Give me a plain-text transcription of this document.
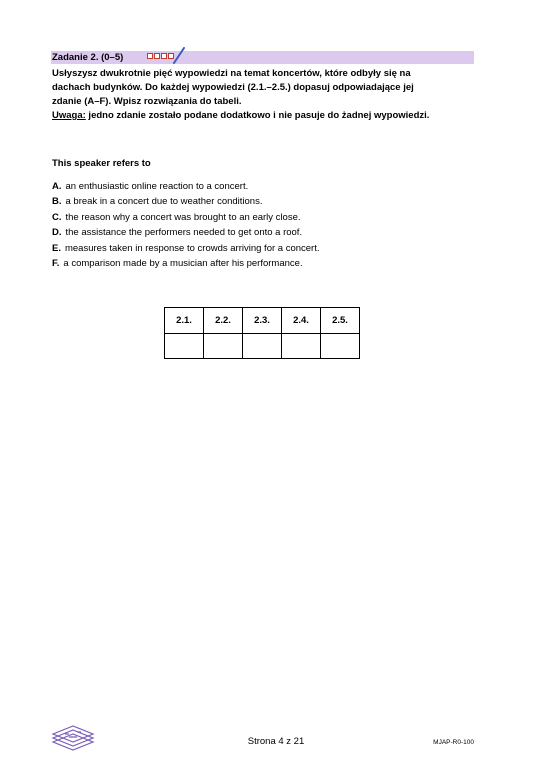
Zadanie 2. (0–5)

Usłyszysz dwukrotnie pięć wypowiedzi na temat koncertów, które odbyły się na

dachach budynków. Do każdej wypowiedzi (2.1.–2.5.) dopasuj odpowiadające jej

zdanie (A–F). Wpisz rozwiązania do tabeli.

Uwaga: jedno zdanie zostało podane dodatkowo i nie pasuje do żadnej wypowiedzi.

This speaker refers to
A. an enthusiastic online reaction to a concert.
B. a break in a concert due to weather conditions.
C. the reason why a concert was brought to an early close.
D. the assistance the performers needed to get onto a roof.
E. measures taken in response to crowds arriving for a concert.
F. a comparison made by a musician after his performance.
2.1.	2.2.	2.3.	2.4.	2.5.

Strona 4 z 21	MJAP-R0-100
